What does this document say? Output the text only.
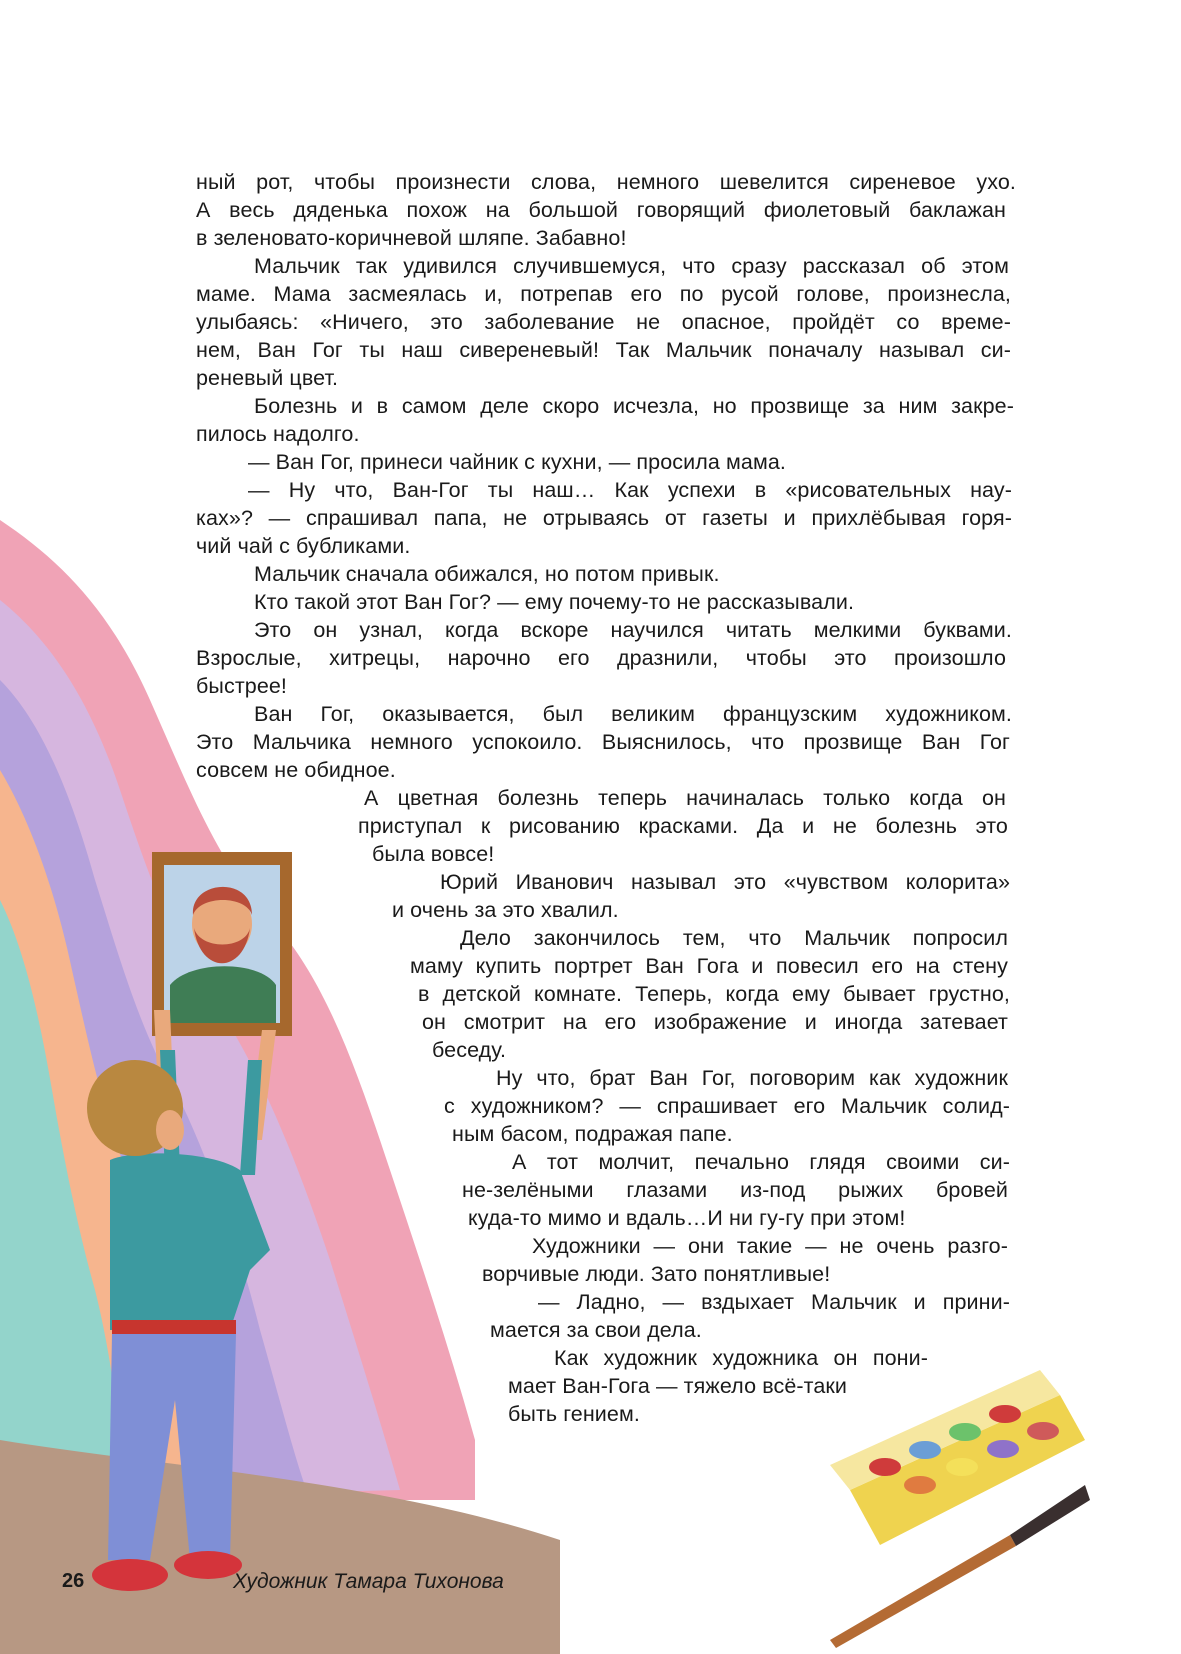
ный рот, чтобы произнести слова, немного шевелится сиреневое ухо.
А весь дяденька похож на большой говорящий фиолетовый баклажан
в зеленовато-коричневой шляпе. Забавно!
Мальчик так удивился случившемуся, что сразу рассказал об этом
маме. Мама засмеялась и, потрепав его по русой голове, произнесла,
улыбаясь: «Ничего, это заболевание не опасное, пройдёт со време-
нем, Ван Гог ты наш сивереневый! Так Мальчик поначалу называл си-
реневый цвет.
Болезнь и в самом деле скоро исчезла, но прозвище за ним закре-
пилось надолго.
— Ван Гог, принеси чайник с кухни, — просила мама.
— Ну что, Ван-Гог ты наш… Как успехи в «рисовательных нау-
ках»? — спрашивал папа, не отрываясь от газеты и прихлёбывая горя-
чий чай с бубликами.
Мальчик сначала обижался, но потом привык.
Кто такой этот Ван Гог? — ему почему-то не рассказывали.
Это он узнал, когда вскоре научился читать мелкими буквами.
Взрослые, хитрецы, нарочно его дразнили, чтобы это произошло
быстрее!
Ван Гог, оказывается, был великим французским художником.
Это Мальчика немного успокоило. Выяснилось, что прозвище Ван Гог
совсем не обидное.
А цветная болезнь теперь начиналась только когда он
приступал к рисованию красками. Да и не болезнь это
была вовсе!
Юрий Иванович называл это «чувством колорита»
и очень за это хвалил.
Дело закончилось тем, что Мальчик попросил
маму купить портрет Ван Гога и повесил его на стену
в детской комнате. Теперь, когда ему бывает грустно,
он смотрит на его изображение и иногда затевает
беседу.
Ну что, брат Ван Гог, поговорим как художник
с художником? — спрашивает его Мальчик солид-
ным басом, подражая папе.
А тот молчит, печально глядя своими си-
не-зелёными глазами из-под рыжих бровей
куда-то мимо и вдаль…И ни гу-гу при этом!
Художники — они такие — не очень разго-
ворчивые люди. Зато понятливые!
— Ладно, — вздыхает Мальчик и прини-
мается за свои дела.
Как художник художника он пони-
мает Ван-Гога — тяжело всё-таки
быть гением.
26	Художник Тамара Тихонова
